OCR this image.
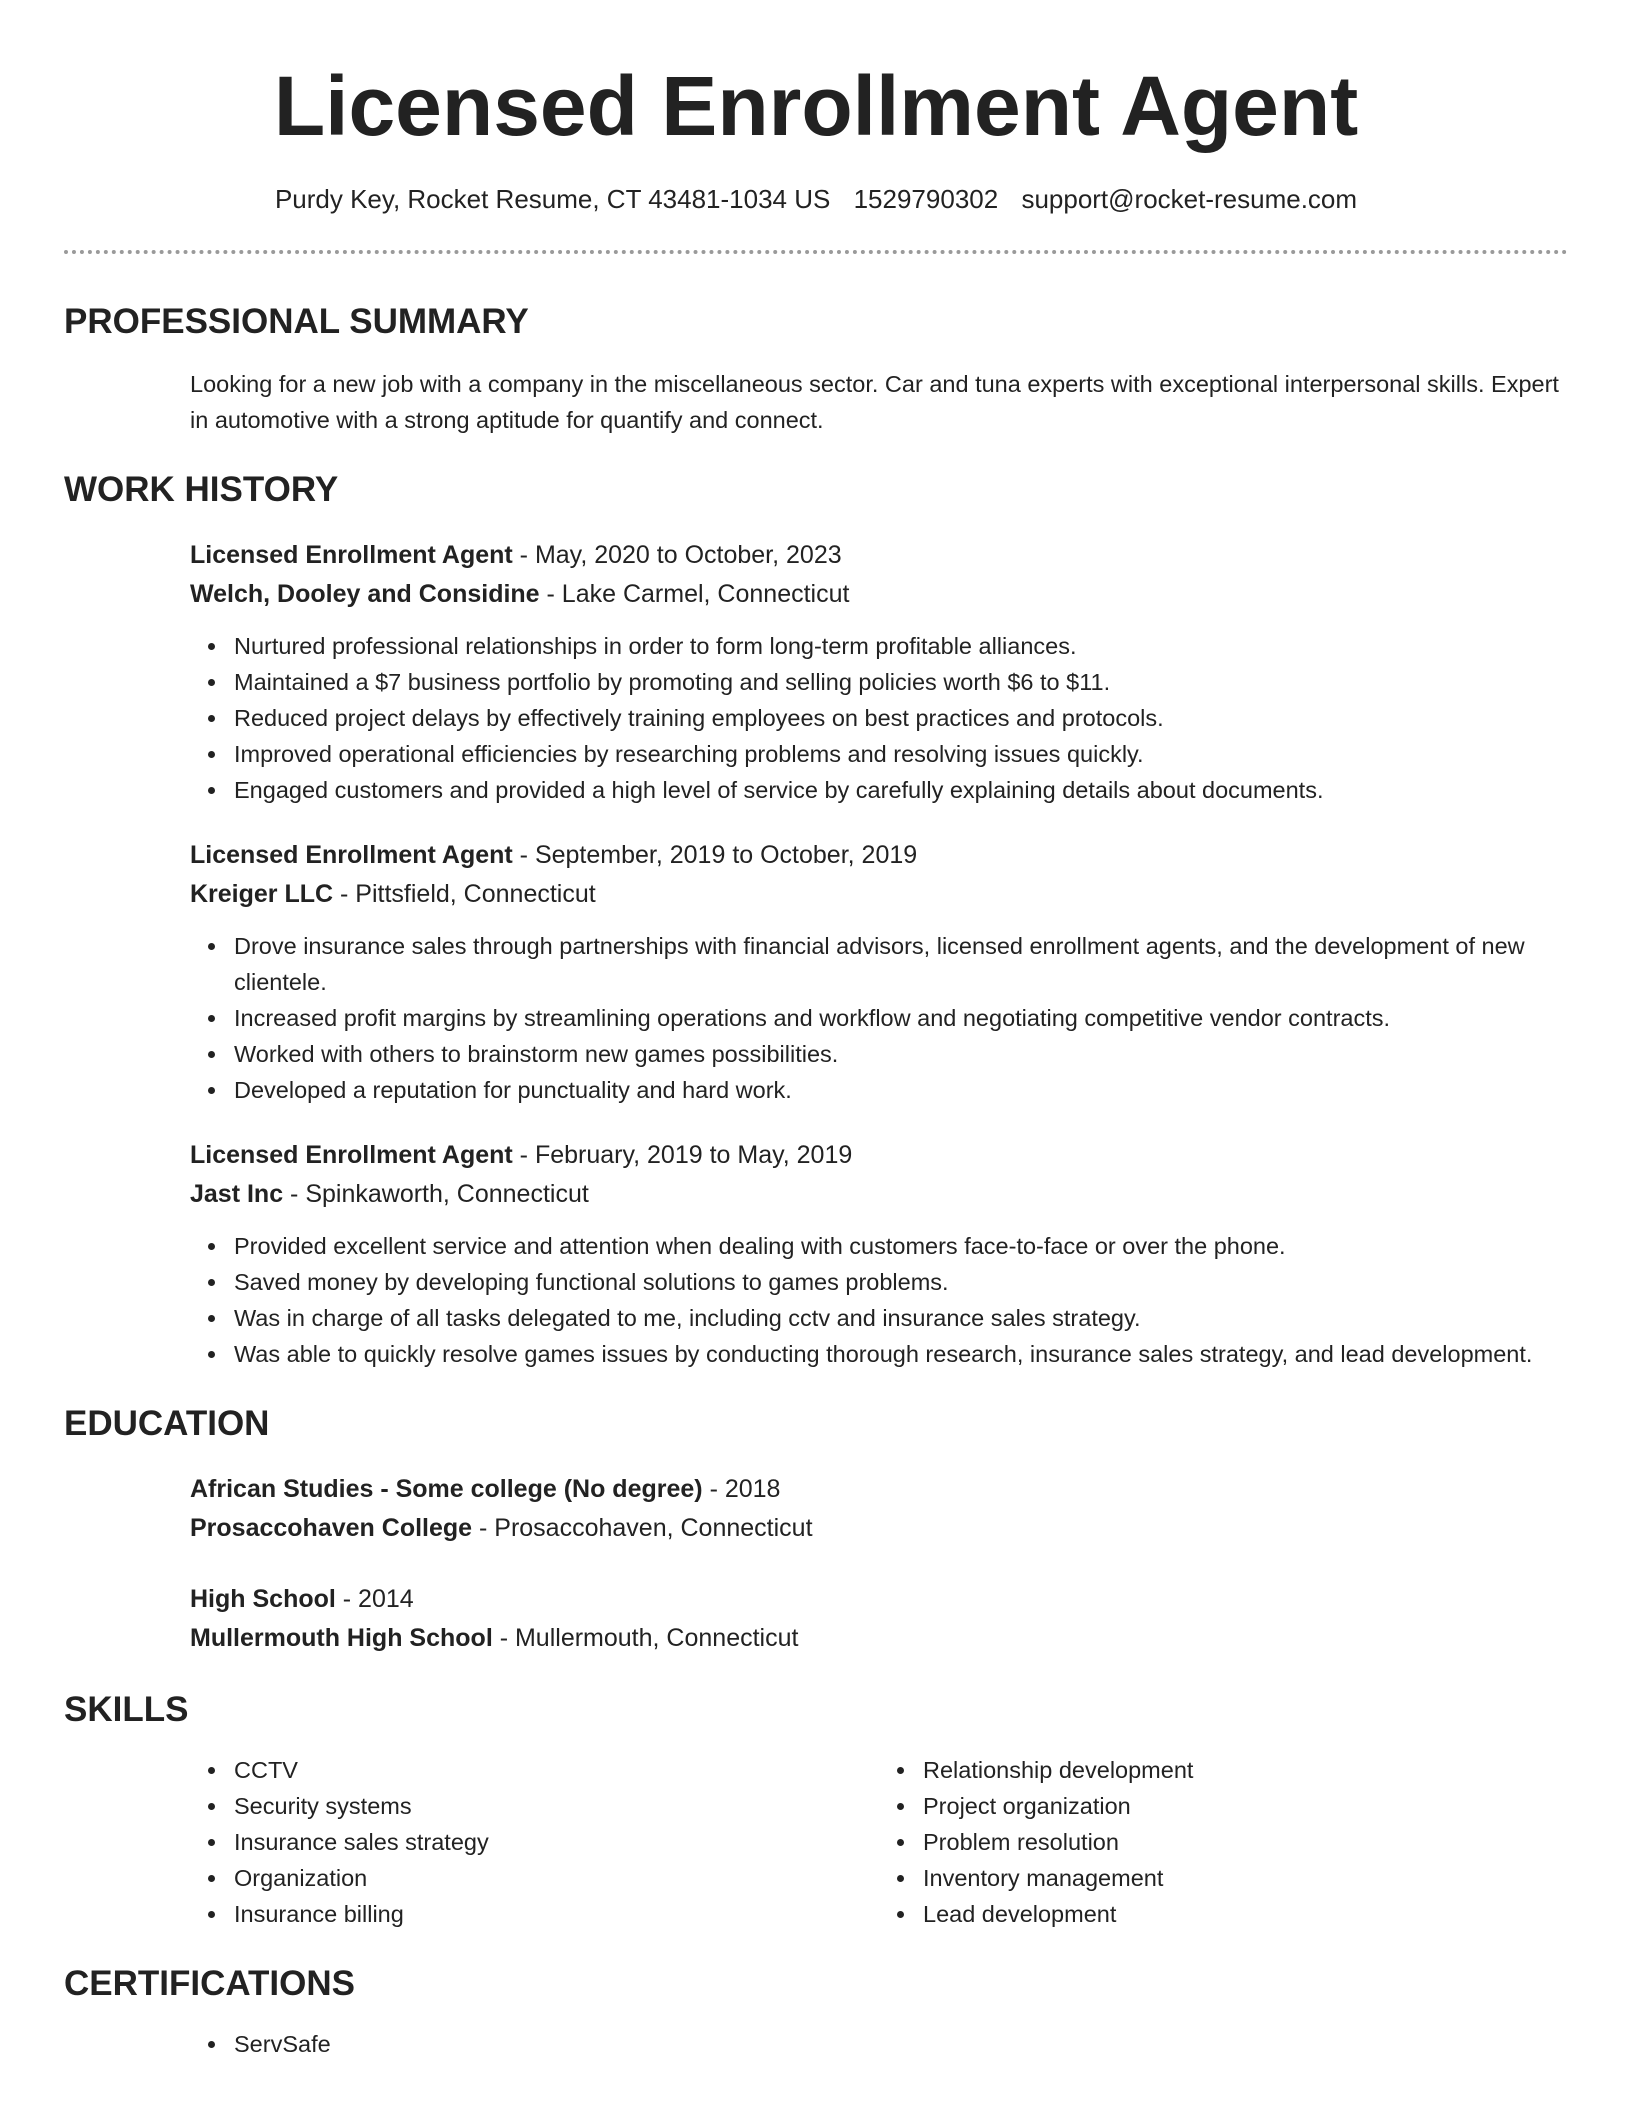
Licensed Enrollment Agent
Purdy Key, Rocket Resume, CT 43481-1034 US 1529790302 support@rocket-resume.com
PROFESSIONAL SUMMARY

Looking for a new job with a company in the miscellaneous sector. Car and tuna experts with exceptional interpersonal skills. Expert in automotive with a strong aptitude for quantify and connect.

WORK HISTORY
Licensed Enrollment Agent - May, 2020 to October, 2023
Welch, Dooley and Considine - Lake Carmel, Connecticut
Nurtured professional relationships in order to form long-term profitable alliances.
Maintained a $7 business portfolio by promoting and selling policies worth $6 to $11.
Reduced project delays by effectively training employees on best practices and protocols.
Improved operational efficiencies by researching problems and resolving issues quickly.
Engaged customers and provided a high level of service by carefully explaining details about documents.
Licensed Enrollment Agent - September, 2019 to October, 2019
Kreiger LLC - Pittsfield, Connecticut
Drove insurance sales through partnerships with financial advisors, licensed enrollment agents, and the development of new clientele.
Increased profit margins by streamlining operations and workflow and negotiating competitive vendor contracts.
Worked with others to brainstorm new games possibilities.
Developed a reputation for punctuality and hard work.
Licensed Enrollment Agent - February, 2019 to May, 2019
Jast Inc - Spinkaworth, Connecticut
Provided excellent service and attention when dealing with customers face-to-face or over the phone.
Saved money by developing functional solutions to games problems.
Was in charge of all tasks delegated to me, including cctv and insurance sales strategy.
Was able to quickly resolve games issues by conducting thorough research, insurance sales strategy, and lead development.
EDUCATION
African Studies - Some college (No degree) - 2018
Prosaccohaven College - Prosaccohaven, Connecticut
High School - 2014
Mullermouth High School - Mullermouth, Connecticut
SKILLS
CCTV
Security systems
Insurance sales strategy
Organization
Insurance billing
Relationship development
Project organization
Problem resolution
Inventory management
Lead development
CERTIFICATIONS
ServSafe
